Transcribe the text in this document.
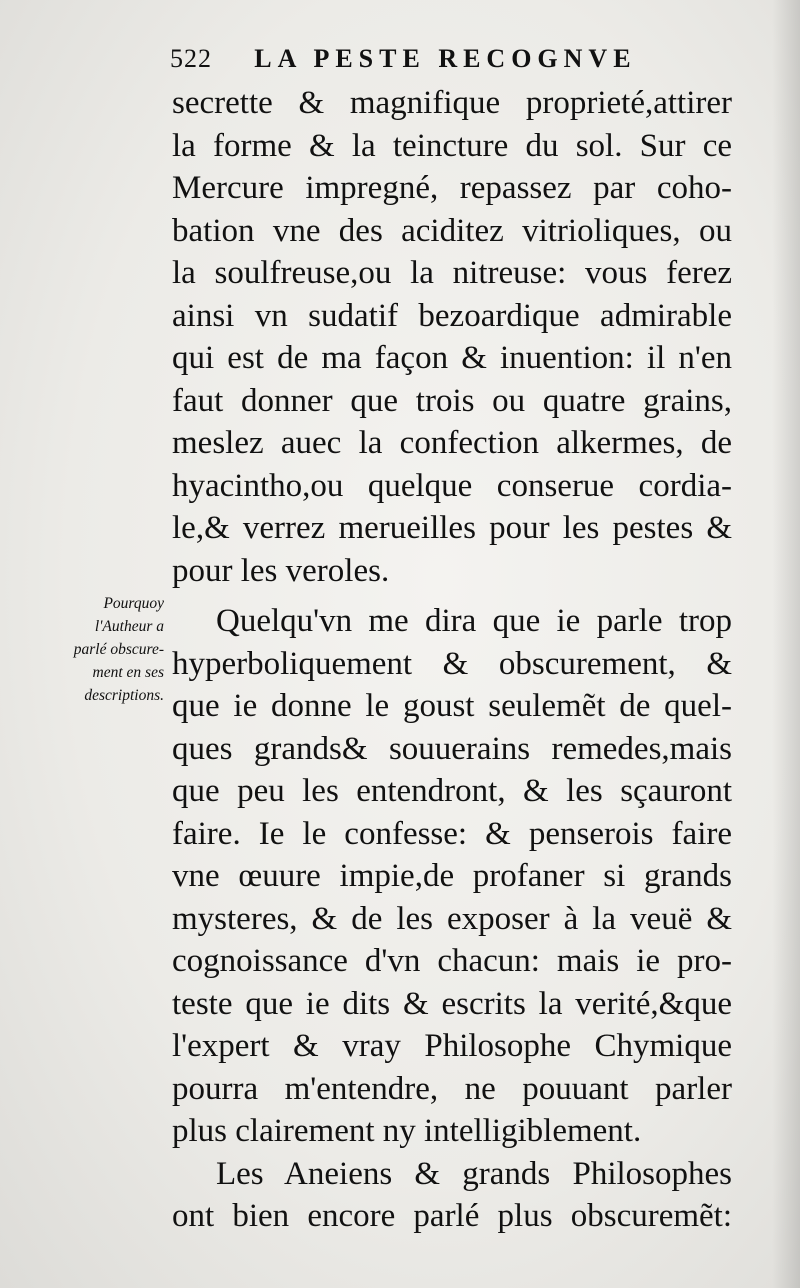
522 LA PESTE RECOGNVE
Pourquoy
l'Autheur a
parlé obscure-
ment en ses
descriptions.
secrette & magnifique proprieté,attirer
la forme & la teincture du sol. Sur ce
Mercure impregné, repassez par coho-
bation vne des aciditez vitrioliques, ou
la soulfreuse,ou la nitreuse: vous ferez
ainsi vn sudatif bezoardique admirable
qui est de ma façon & inuention: il n'en
faut donner que trois ou quatre grains,
meslez auec la confection alkermes, de
hyacintho,ou quelque conserue cordia-
le,& verrez merueilles pour les pestes &
pour les veroles.
Quelqu'vn me dira que ie parle trop
hyperboliquement & obscurement, &
que ie donne le goust seulemẽt de quel-
ques grands& souuerains remedes,mais
que peu les entendront, & les sçauront
faire. Ie le confesse: & penserois faire
vne œuure impie,de profaner si grands
mysteres, & de les exposer à la veuë &
cognoissance d'vn chacun: mais ie pro-
teste que ie dits & escrits la verité,&que
l'expert & vray Philosophe Chymique
pourra m'entendre, ne pouuant parler
plus clairement ny intelligiblement.
Les Aneiens & grands Philosophes
ont bien encore parlé plus obscuremẽt:
